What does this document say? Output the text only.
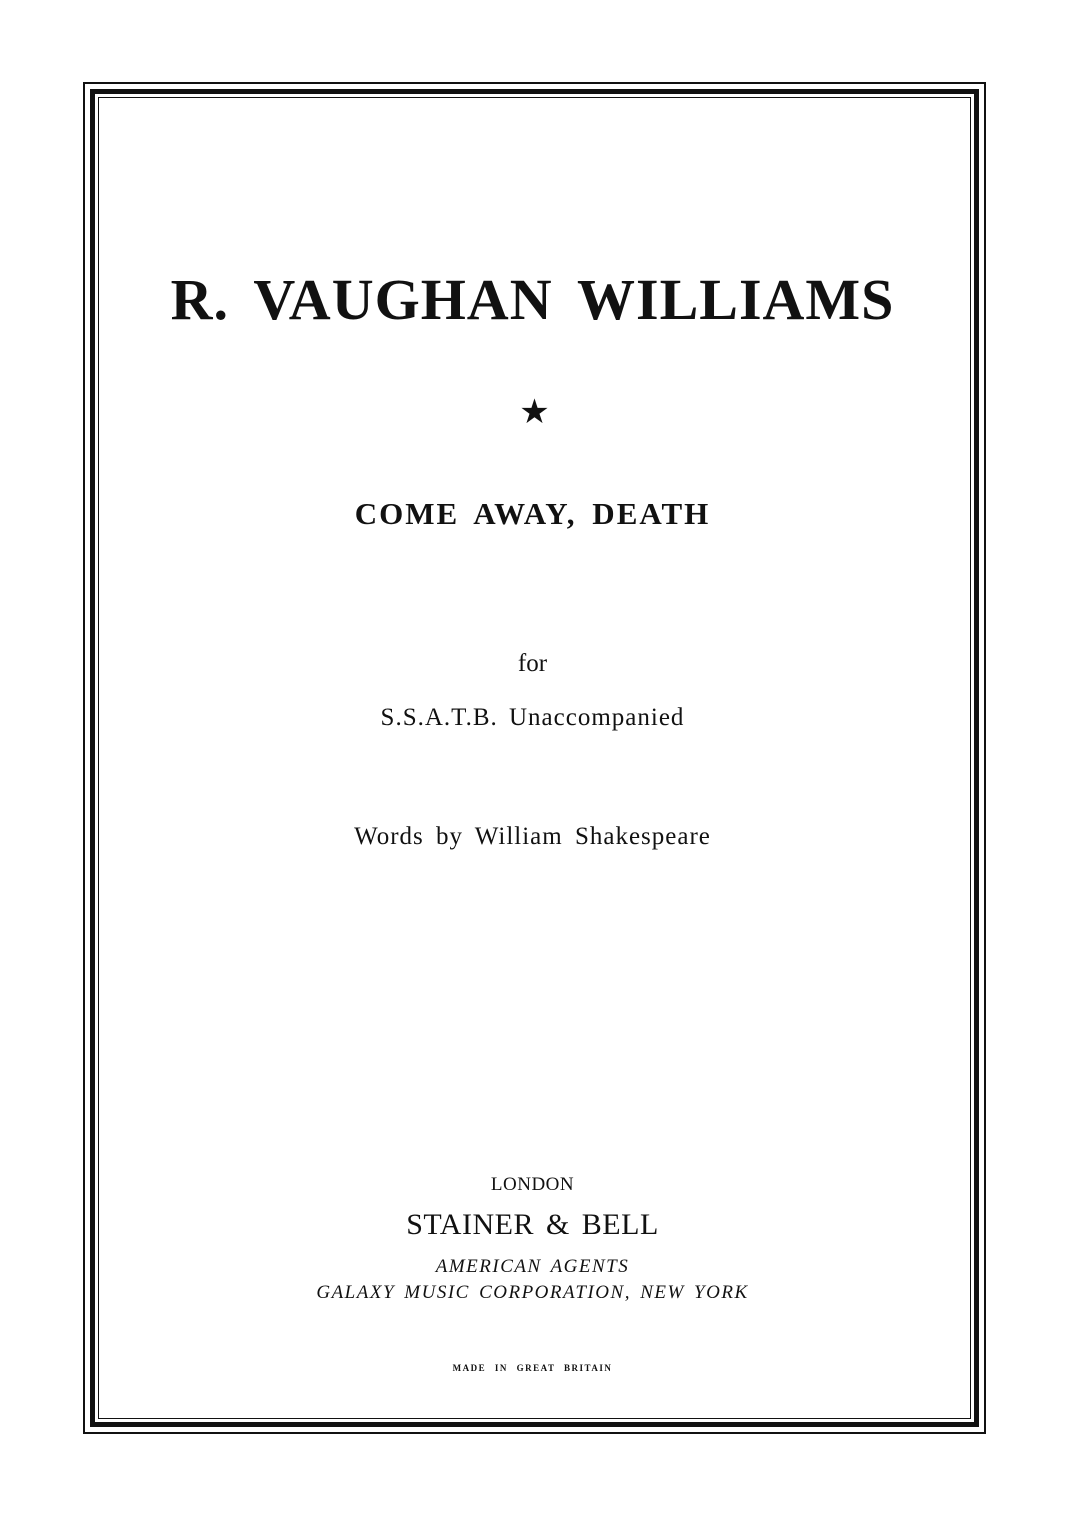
R. VAUGHAN WILLIAMS
★
COME AWAY, DEATH
for
S.S.A.T.B. Unaccompanied
Words by William Shakespeare
LONDON
STAINER & BELL
AMERICAN AGENTS
GALAXY MUSIC CORPORATION, NEW YORK
MADE IN GREAT BRITAIN
